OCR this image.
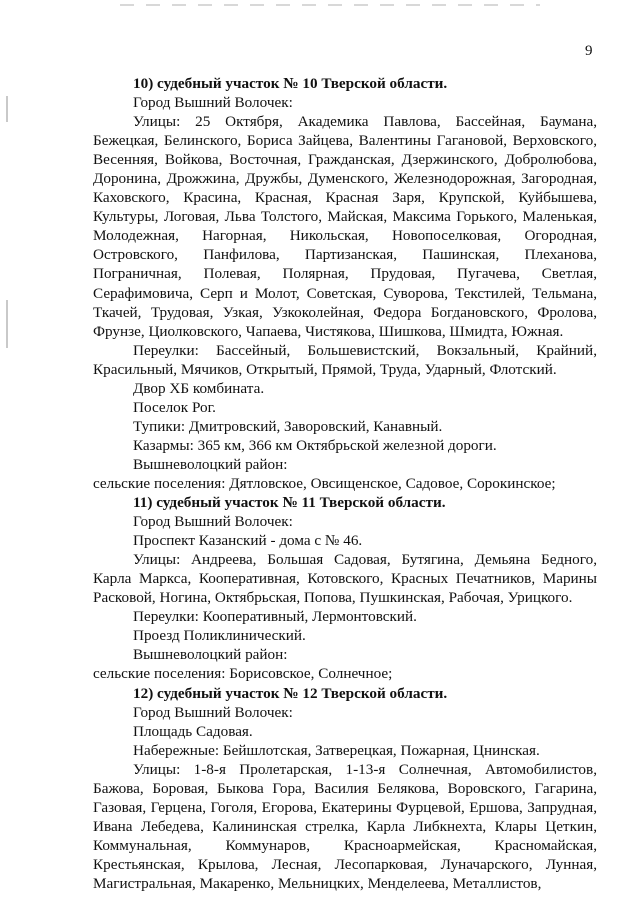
9

10) судебный участок № 10 Тверской области.

Город Вышний Волочек:

Улицы: 25 Октября, Академика Павлова, Бассейная, Баумана, Бежецкая, Белинского, Бориса Зайцева, Валентины Гагановой, Верховского, Весенняя, Войкова, Восточная, Гражданская, Дзержинского, Добролюбова, Доронина, Дрожжина, Дружбы, Думенского, Железнодорожная, Загородная, Каховского, Красина, Красная, Красная Заря, Крупской, Куйбышева, Культуры, Логовая, Льва Толстого, Майская, Максима Горького, Маленькая, Молодежная, Нагорная, Никольская, Новопоселковая, Огородная, Островского, Панфилова, Партизанская, Пашинская, Плеханова, Пограничная, Полевая, Полярная, Прудовая, Пугачева, Светлая, Серафимовича, Серп и Молот, Советская, Суворова, Текстилей, Тельмана, Ткачей, Трудовая, Узкая, Узкоколейная, Федора Богдановского, Фролова, Фрунзе, Циолковского, Чапаева, Чистякова, Шишкова, Шмидта, Южная.

Переулки: Бассейный, Большевистский, Вокзальный, Крайний, Красильный, Мячиков, Открытый, Прямой, Труда, Ударный, Флотский.

Двор ХБ комбината.

Поселок Рог.

Тупики: Дмитровский, Заворовский, Канавный.

Казармы: 365 км, 366 км Октябрьской железной дороги.

Вышневолоцкий район:

сельские поселения: Дятловское, Овсищенское, Садовое, Сорокинское;

11) судебный участок № 11 Тверской области.

Город Вышний Волочек:

Проспект Казанский - дома с № 46.

Улицы: Андреева, Большая Садовая, Бутягина, Демьяна Бедного, Карла Маркса, Кооперативная, Котовского, Красных Печатников, Марины Расковой, Ногина, Октябрьская, Попова, Пушкинская, Рабочая, Урицкого.

Переулки: Кооперативный, Лермонтовский.

Проезд Поликлинический.

Вышневолоцкий район:

сельские поселения: Борисовское, Солнечное;

12) судебный участок № 12 Тверской области.

Город Вышний Волочек:

Площадь Садовая.

Набережные: Бейшлотская, Затверецкая, Пожарная, Цнинская.

Улицы: 1-8-я Пролетарская, 1-13-я Солнечная, Автомобилистов, Бажова, Боровая, Быкова Гора, Василия Белякова, Воровского, Гагарина, Газовая, Герцена, Гоголя, Егорова, Екатерины Фурцевой, Ершова, Запрудная, Ивана Лебедева, Калининская стрелка, Карла Либкнехта, Клары Цеткин, Коммунальная, Коммунаров, Красноармейская, Красномайская, Крестьянская, Крылова, Лесная, Лесопарковая, Луначарского, Лунная, Магистральная, Макаренко, Мельницких, Менделеева, Металлистов,
